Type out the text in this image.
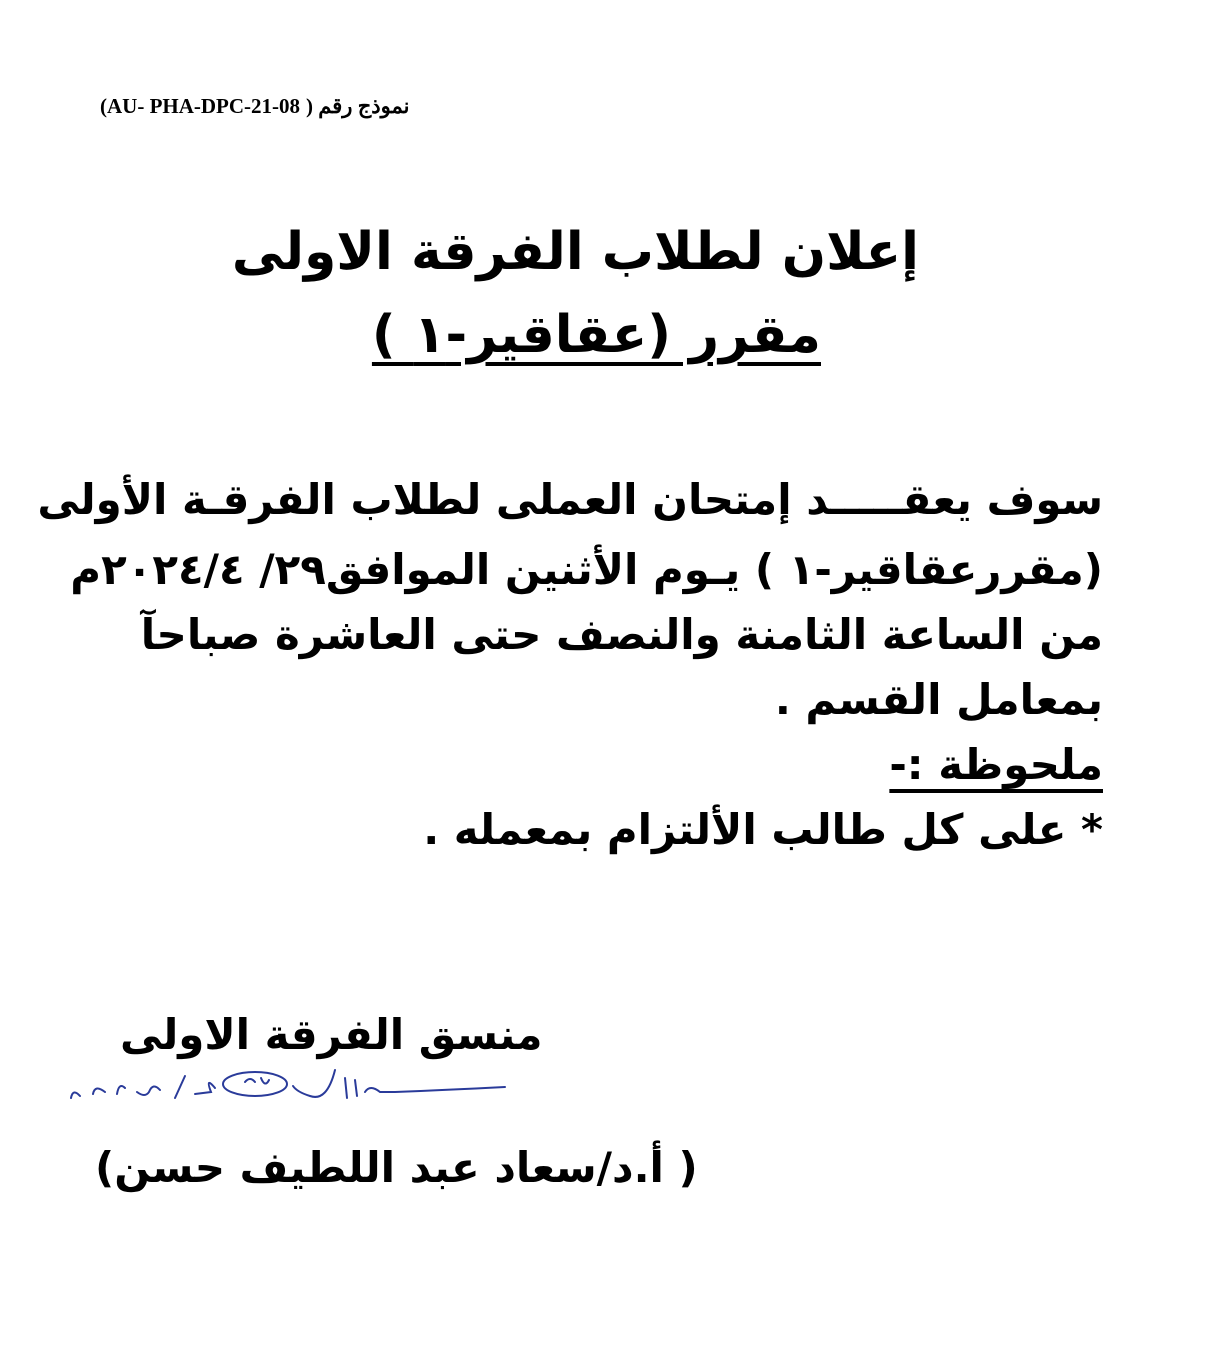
(AU- PHA-DPC-21-08 نموذج رقم (
إعلان لطلاب الفرقة الاولى
مقرر (عقاقير-١ )
سوف يعقـــــد إمتحان العملى لطلاب الفرقـة الأولى
(مقررعقاقير-١ ) يـوم الأثنين الموافق٢٩/ ٢٠٢٤/٤م
من الساعة الثامنة والنصف حتى العاشرة صباحآ
بمعامل القسم .
ملحوظة :-
* على كل طالب الألتزام بمعمله .
منسق الفرقة الاولى
( أ.د/سعاد عبد اللطيف حسن)
